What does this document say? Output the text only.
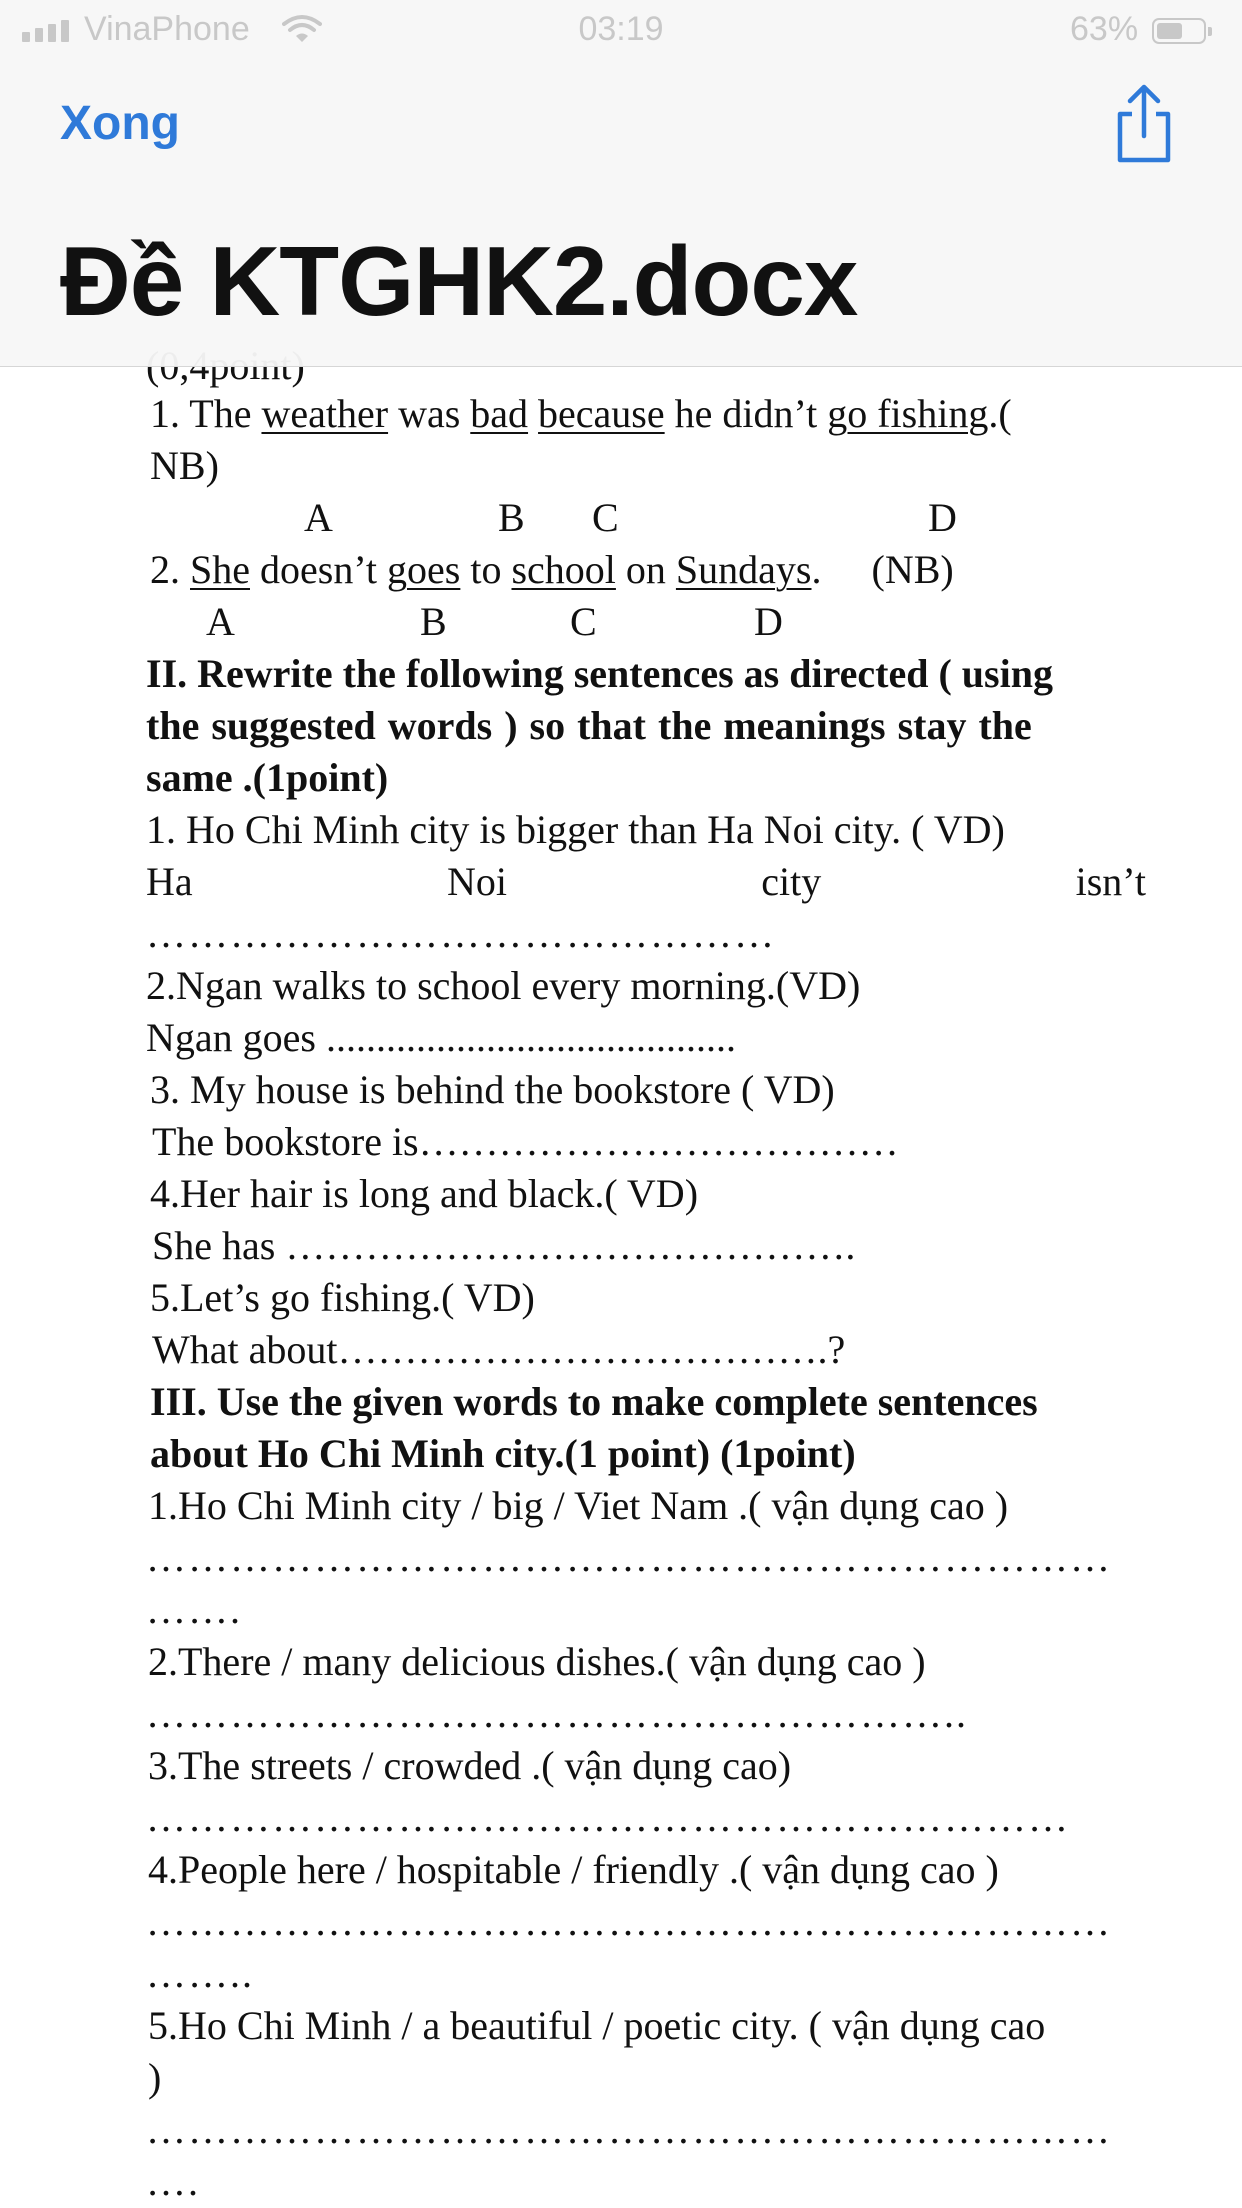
1. The weather was bad because he didn’t go fishing.(
NB)
A	B C	D
2. She doesn’t goes to school on Sundays. (NB)
A	B	C	D
II. Rewrite the following sentences as directed ( using
the suggested words ) so that the meanings stay the
same .(1point)
1. Ho Chi Minh city is bigger than Ha Noi city. ( VD)
Ha	Noi	city	isn’t
………………………………………
2.Ngan walks to school every morning.(VD)
Ngan goes .........................................
3. My house is behind the bookstore ( VD)
The bookstore is………………………………
4.Her hair is long and black.( VD)
She has …………………………………….
5.Let’s go fishing.( VD)
What about……………………………….?
III. Use the given words to make complete sentences
about Ho Chi Minh city.(1 point) (1point)
1.Ho Chi Minh city / big / Viet Nam .( vận dụng cao )
……………………………………………………………
…….
2.There / many delicious dishes.( vận dụng cao )
…………………………………………………..
3.The streets / crowded .( vận dụng cao)
…………………………………………………………
4.People here / hospitable / friendly .( vận dụng cao )
……………………………………………………………
……..
5.Ho Chi Minh / a beautiful / poetic city. ( vận dụng cao
)
……………………………………………………………
….
VinaPhone	03:19	63%
Xong
Đề KTGHK2.docx
